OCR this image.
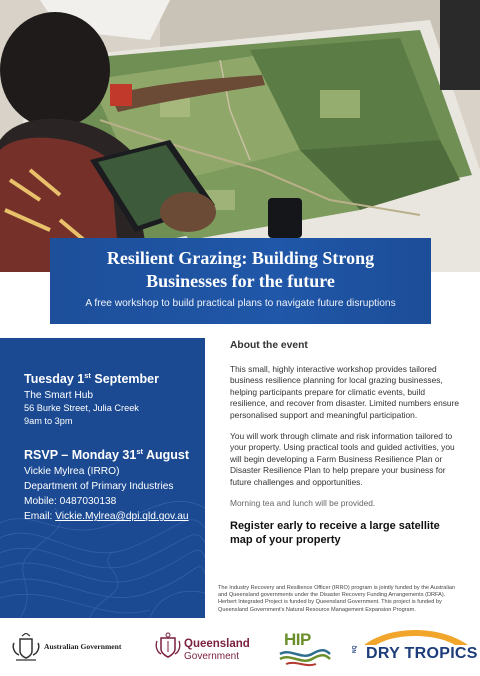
Resilient Grazing: Building Strong
Businesses for the future
A free workshop to build practical plans to navigate future disruptions
Tuesday 1st September
The Smart Hub
56 Burke Street, Julia Creek
9am to 3pm
RSVP – Monday 31st August
Vickie Mylrea (IRRO)
Department of Primary Industries
Mobile: 0487030138
Email: Vickie.Mylrea@dpi.qld.gov.au
About the event

This small, highly interactive workshop provides tailored business resilience planning for local grazing businesses, helping participants prepare for climatic events, build resilience, and recover from disaster. Limited numbers ensure personalised support and meaningful participation.

You will work through climate and risk information tailored to your property. Using practical tools and guided activities, you will begin developing a Farm Business Resilience Plan or Disaster Resilience Plan to help prepare your business for future challenges and opportunities.

Morning tea and lunch will be provided.

Register early to receive a large satellite map of your property
The Industry Recovery and Resilience Officer (IRRO) program is jointly funded by the Australian and Queensland governments under the Disaster Recovery Funding Arrangements (DRFA). Herbert Integrated Project is funded by Queensland Government. This project is funded by Queensland Government's Natural Resource Management Expansion Program.
Australian Government	Queensland
Government
HIP
NQ DRY TROPICS
